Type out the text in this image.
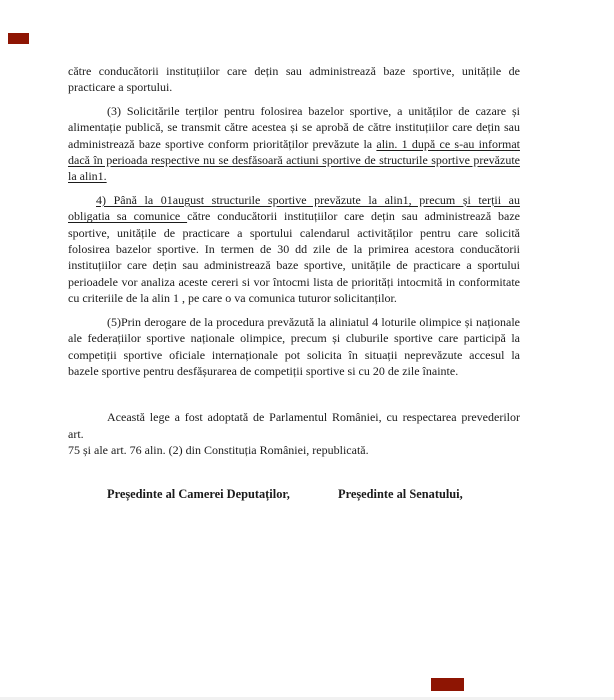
către conducătorii instituțiilor care dețin sau administrează baze sportive, unitățile de
practicare a sportului.
(3) Solicitările terților pentru folosirea bazelor sportive, a unităților de cazare și
alimentație publică, se transmit către acestea și se aprobă de către instituțiilor care dețin sau
administrează baze sportive conform priorităților prevăzute la alin. 1 după ce s-au informat
dacă în perioada respective nu se desfăsoară actiuni sportive de structurile sportive prevăzute
la alin1.
4) Până la 01august structurile sportive prevăzute la alin1, precum și terții au
obligatia sa comunice către conducătorii instituțiilor care dețin sau administrează baze
sportive, unitățile de practicare a sportului calendarul activităților pentru care solicită
folosirea bazelor sportive. In termen de 30 dd zile de la primirea acestora conducătorii
instituțiilor care dețin sau administrează baze sportive, unitățile de practicare a sportului
perioadele vor analiza aceste cereri si vor întocmi lista de priorități intocmită in conformitate
cu criteriile de la alin 1 , pe care o va comunica tuturor solicitanților.
(5)Prin derogare de la procedura prevăzută la aliniatul 4 loturile olimpice și naționale
ale federațiilor sportive naționale olimpice, precum și cluburile sportive care participă la
competiții sportive oficiale internaționale pot solicita în situații neprevăzute accesul la
bazele sportive pentru desfășurarea de competiții sportive si cu 20 de zile înainte.
Această lege a fost adoptată de Parlamentul României, cu respectarea prevederilor art.
75 și ale art. 76 alin. (2) din Constituția României, republicată.
Președinte al Camerei Deputaților,	Președinte al Senatului,
